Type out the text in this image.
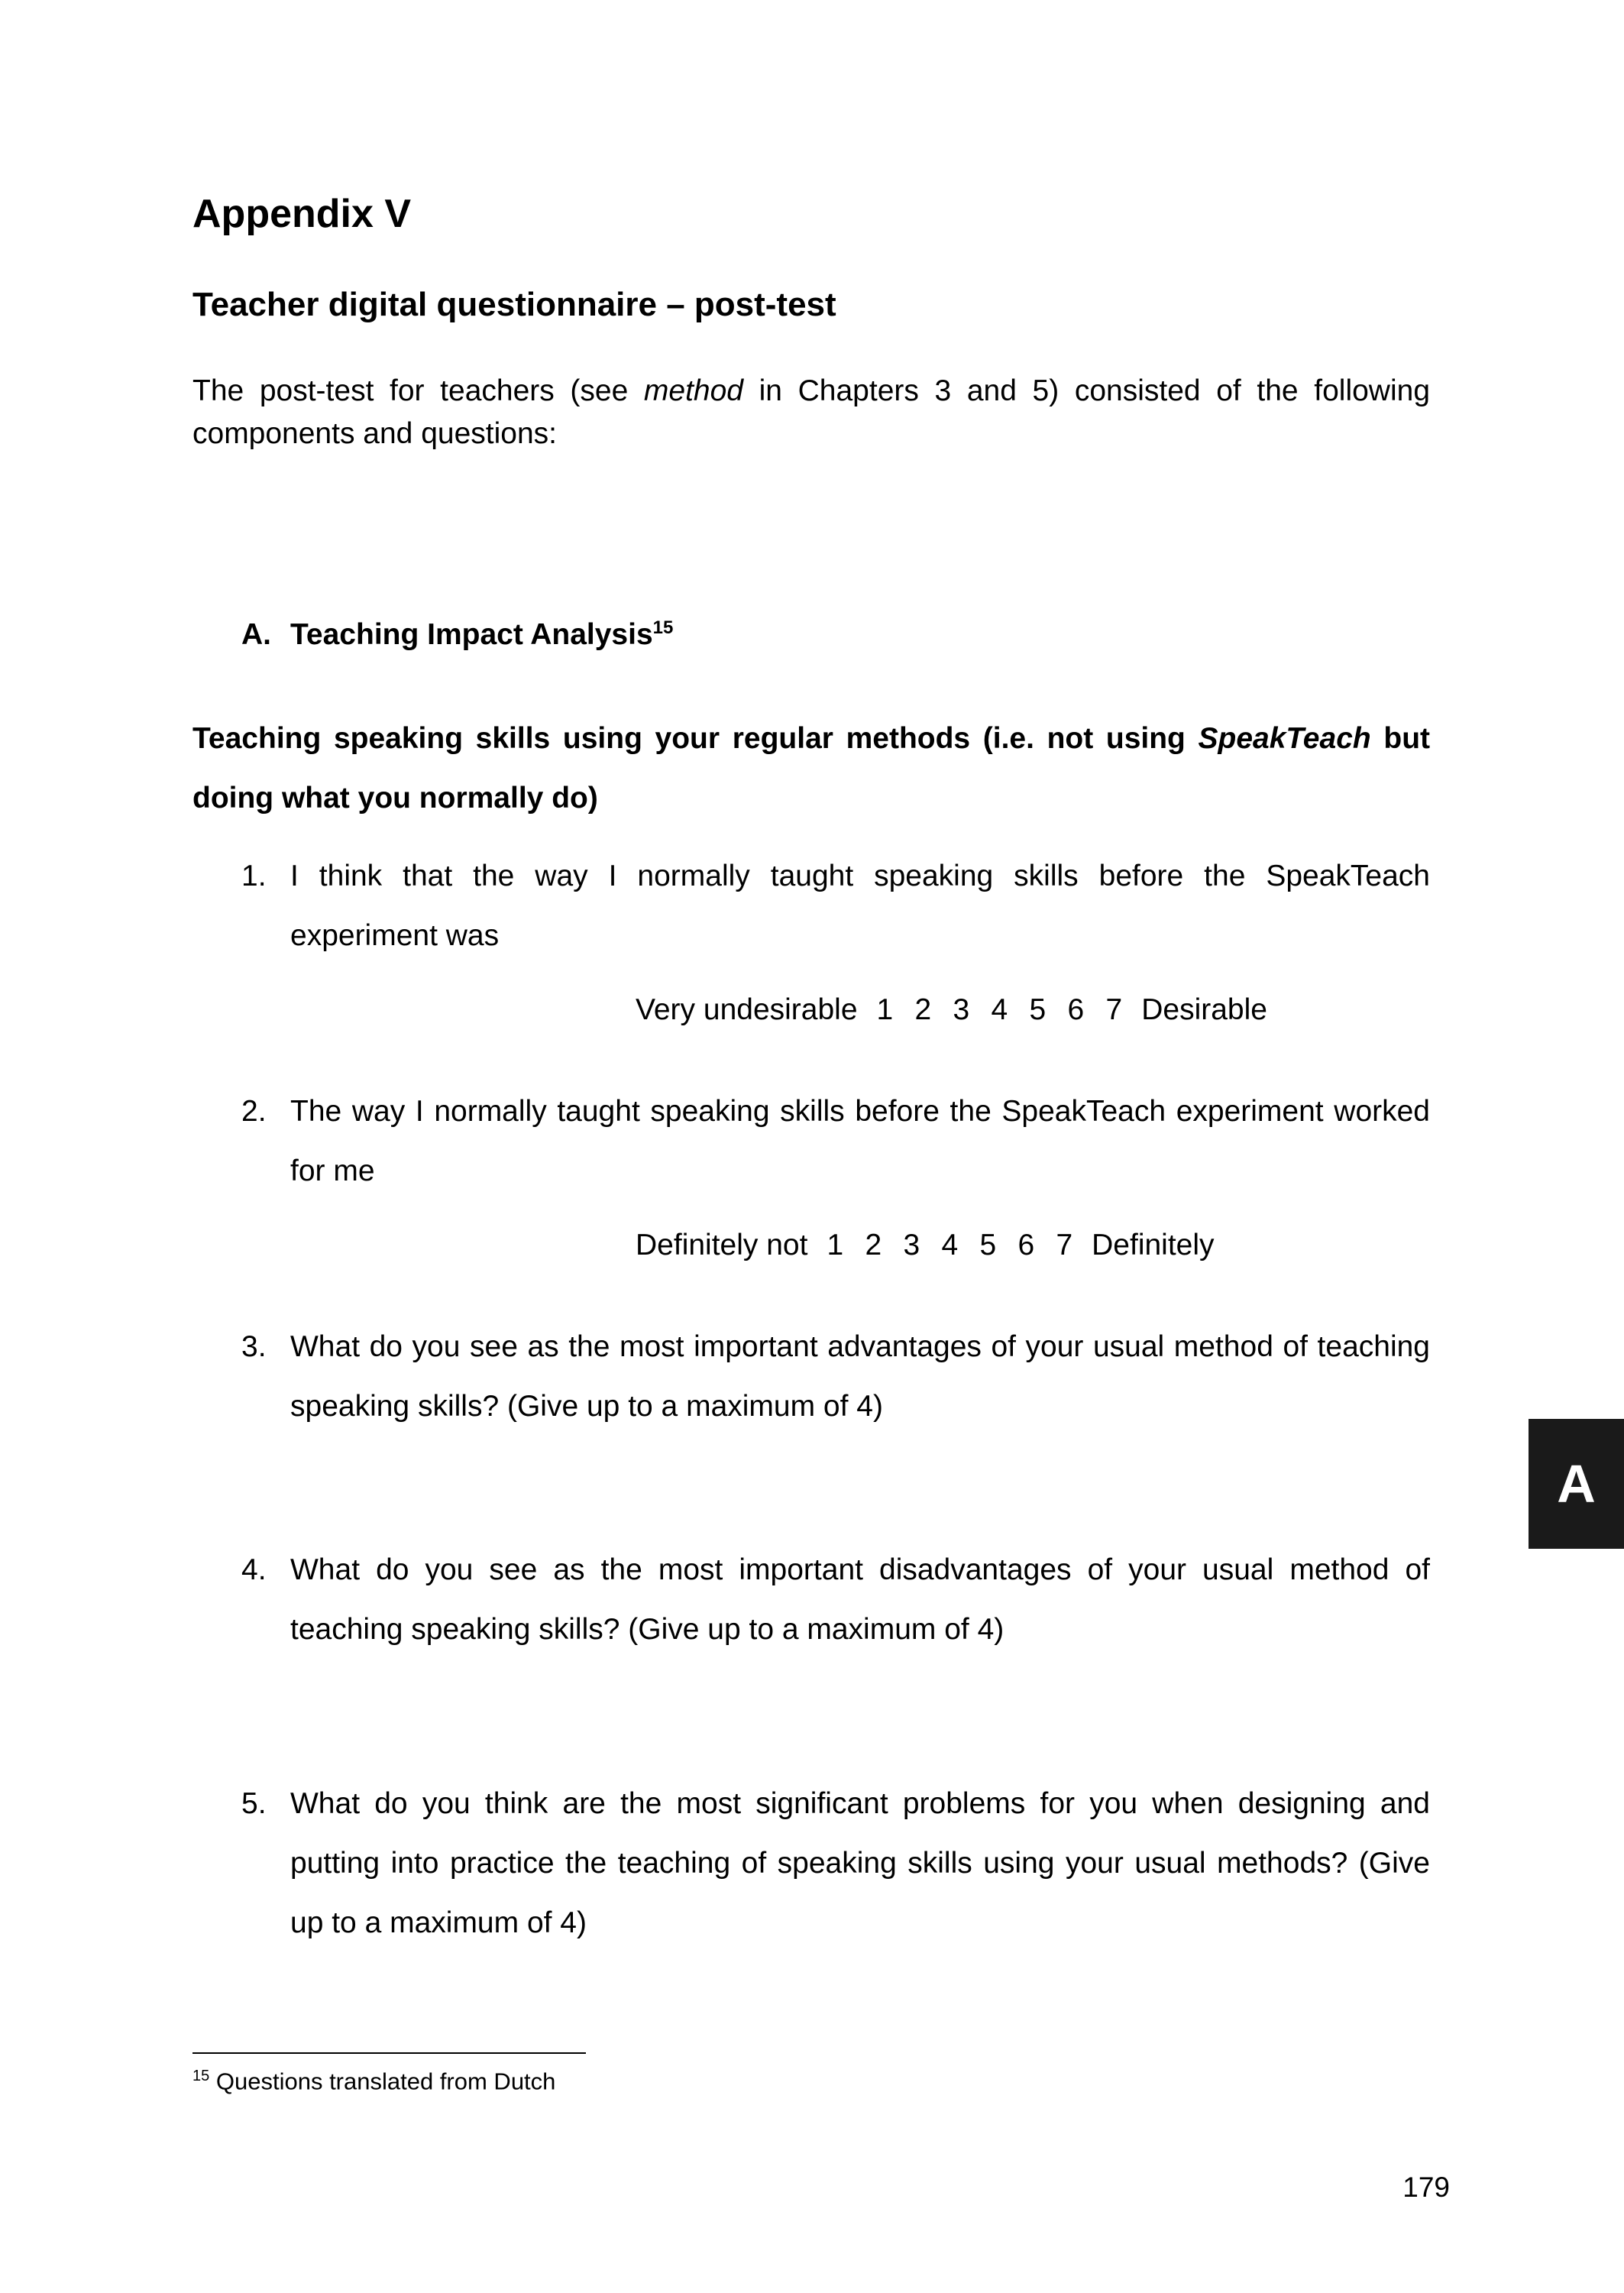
Appendix V
Teacher digital questionnaire – post-test
The post-test for teachers (see method in Chapters 3 and 5) consisted of the following components and questions:
A. Teaching Impact Analysis$^{15}$
Teaching speaking skills using your regular methods (i.e. not using SpeakTeach but doing what you normally do)
1. I think that the way I normally taught speaking skills before the SpeakTeach experiment was
Very undesirable 1 2 3 4 5 6 7 Desirable
2. The way I normally taught speaking skills before the SpeakTeach experiment worked for me
Definitely not 1 2 3 4 5 6 7 Definitely
3. What do you see as the most important advantages of your usual method of teaching speaking skills? (Give up to a maximum of 4)
4. What do you see as the most important disadvantages of your usual method of teaching speaking skills? (Give up to a maximum of 4)
5. What do you think are the most significant problems for you when designing and putting into practice the teaching of speaking skills using your usual methods? (Give up to a maximum of 4)
$^{15}$ Questions translated from Dutch
A
179
